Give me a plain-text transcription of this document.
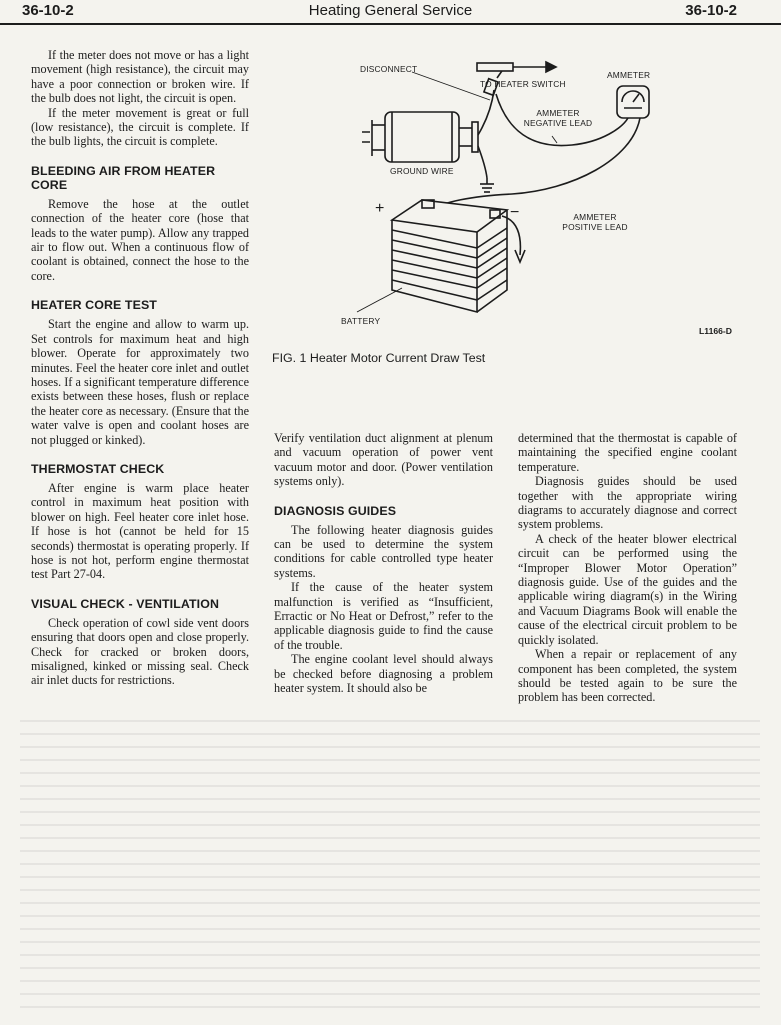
36-10-2	Heating General Service	36-10-2

If the meter does not move or has a light movement (high resistance), the circuit may have a poor connection or broken wire. If the bulb does not light, the circuit is open.

If the meter movement is great or full (low resistance), the circuit is complete. If the bulb lights, the circuit is complete.

BLEEDING AIR FROM HEATER CORE

Remove the hose at the outlet connection of the heater core (hose that leads to the water pump). Allow any trapped air to flow out. When a continuous flow of coolant is obtained, connect the hose to the core.

HEATER CORE TEST

Start the engine and allow to warm up. Set controls for maximum heat and high blower. Operate for approximately two minutes. Feel the heater core inlet and outlet hoses. If a significant temperature difference exists between these hoses, flush or replace the heater core as necessary. (Ensure that the water valve is open and coolant hoses are not plugged or kinked).

THERMOSTAT CHECK

After engine is warm place heater control in maximum heat position with blower on high. Feel heater core inlet hose. If hose is hot (cannot be held for 15 seconds) thermostat is operating properly. If hose is not hot, perform engine thermostat test Part 27-04.

VISUAL CHECK - VENTILATION

Check operation of cowl side vent doors ensuring that doors open and close properly. Check for cracked or broken doors, misaligned, kinked or missing seal. Check air inlet ducts for restrictions.

DISCONNECT
TO HEATER SWITCH
AMMETER
AMMETER NEGATIVE LEAD
GROUND WIRE
AMMETER POSITIVE LEAD
BATTERY
+	−
L1166-D
FIG. 1 Heater Motor Current Draw Test

Verify ventilation duct alignment at plenum and vacuum operation of power vent vacuum motor and door. (Power ventilation systems only).

DIAGNOSIS GUIDES

The following heater diagnosis guides can be used to determine the system conditions for cable controlled type heater systems.

If the cause of the heater system malfunction is verified as “Insufficient, Erractic or No Heat or Defrost,” refer to the applicable diagnosis guide to find the cause of the trouble.

The engine coolant level should always be checked before diagnosing a problem heater system. It should also be

determined that the thermostat is capable of maintaining the specified engine coolant temperature.

Diagnosis guides should be used together with the appropriate wiring diagrams to accurately diagnose and correct system problems.

A check of the heater blower electrical circuit can be performed using the “Improper Blower Motor Operation” diagnosis guide. Use of the guides and the applicable wiring diagram(s) in the Wiring and Vacuum Diagrams Book will enable the cause of the electrical circuit problem to be quickly isolated.

When a repair or replacement of any component has been completed, the system should be tested again to be sure the problem has been corrected.
